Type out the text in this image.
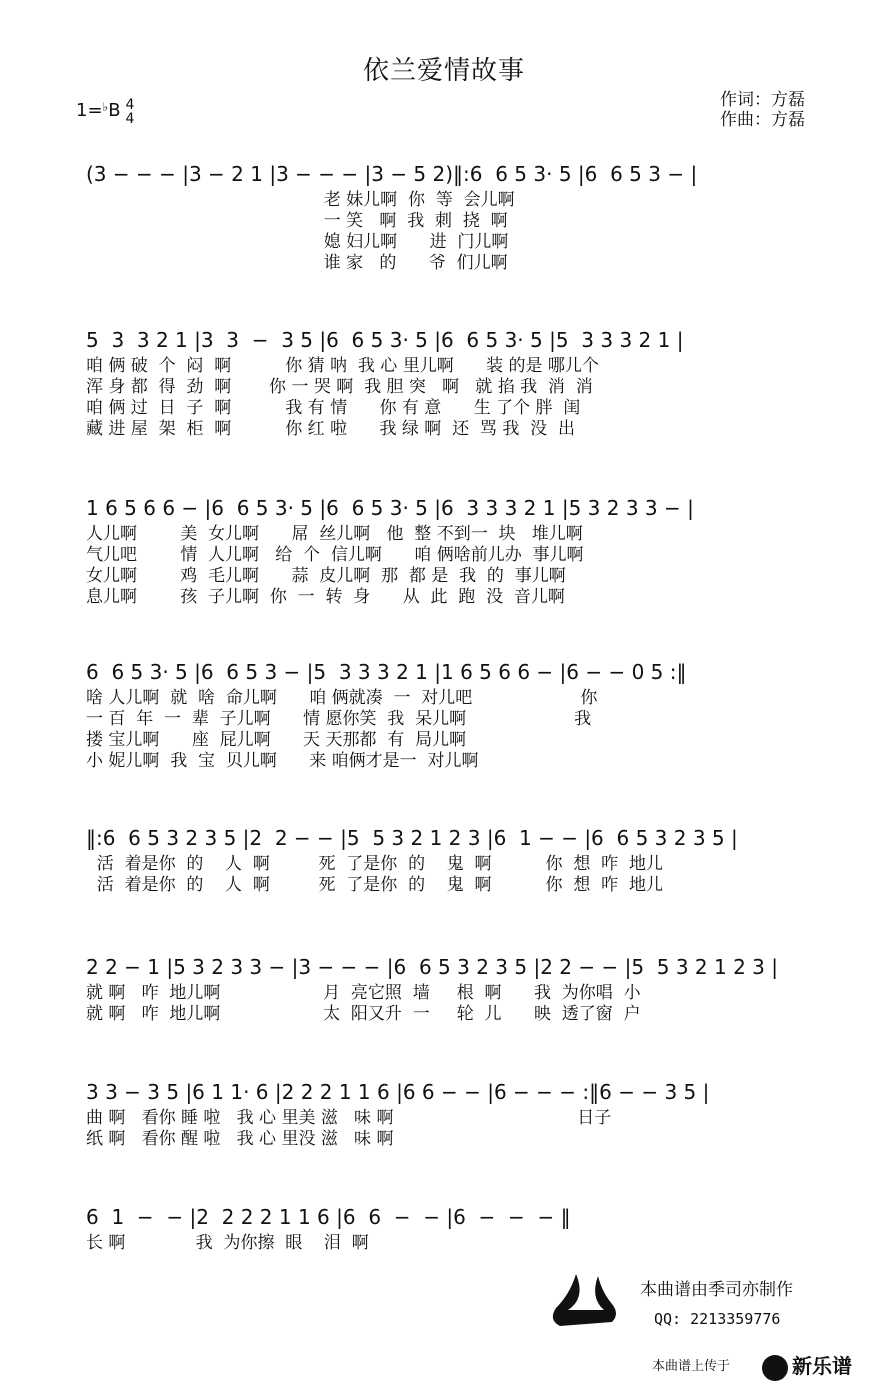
依兰爱情故事
1=♭B 4
4
作词：方磊
作曲：方磊
(3 − − − |3 − 2 1 |3 − − − |3 − 5 2)‖:6  6 5 3· 5 |6  6 5 3 − |
老 妹儿啊  你  等  会儿啊
一 笑   啊  我  刺  挠  啊
媳 妇儿啊      进  门儿啊
谁 家   的      爷  们儿啊
5  3  3 2 1 |3  3  −  3 5 |6  6 5 3· 5 |6  6 5 3· 5 |5  3 3 3 2 1 |
咱 俩 破  个  闷  啊          你 猜 呐  我 心 里儿啊      装 的是 哪儿个
浑 身 都  得  劲  啊       你 一 哭 啊  我 胆 突   啊   就 掐 我  消  消
咱 俩 过  日  子  啊          我 有 情      你 有 意      生 了个 胖  闺
藏 进 屋  架  柜  啊          你 红 啦      我 绿 啊  还  骂 我  没  出
1 6 5 6 6 − |6  6 5 3· 5 |6  6 5 3· 5 |6  3 3 3 2 1 |5 3 2 3 3 − |
人儿啊        美  女儿啊      屌  丝儿啊   他  整 不到一  块   堆儿啊
气儿吧        情  人儿啊   给  个  信儿啊      咱 俩啥前儿办  事儿啊
女儿啊        鸡  毛儿啊      蒜  皮儿啊  那  都 是  我  的  事儿啊
息儿啊        孩  子儿啊  你  一  转  身      从  此  跑  没  音儿啊
6  6 5 3· 5 |6  6 5 3 − |5  3 3 3 2 1 |1 6 5 6 6 − |6 − − 0 5 :‖
啥 人儿啊  就  啥  命儿啊      咱 俩就凑  一  对儿吧                    你
一 百  年  一  辈  子儿啊      情 愿你笑  我  呆儿啊                    我
搂 宝儿啊      座  屁儿啊      天 天那都  有  局儿啊
小 妮儿啊  我  宝  贝儿啊      来 咱俩才是一  对儿啊
‖:6  6 5 3 2 3 5 |2  2 − − |5  5 3 2 1 2 3 |6  1 − − |6  6 5 3 2 3 5 |
活  着是你  的    人  啊         死  了是你  的    鬼  啊          你  想  咋  地儿
活  着是你  的    人  啊         死  了是你  的    鬼  啊          你  想  咋  地儿
2 2 − 1 |5 3 2 3 3 − |3 − − − |6  6 5 3 2 3 5 |2 2 − − |5  5 3 2 1 2 3 |
就 啊   咋  地儿啊                   月  亮它照  墙     根  啊      我  为你唱  小
就 啊   咋  地儿啊                   太  阳又升  一     轮  儿      映  透了窗  户
3 3 − 3 5 |6 1 1· 6 |2 2 2 1 1 6 |6 6 − − |6 − − − :‖6 − − 3 5 |
曲 啊   看你 睡 啦   我 心 里美 滋   味 啊                                  日子
纸 啊   看你 醒 啦   我 心 里没 滋   味 啊
6  1  −  − |2  2 2 2 1 1 6 |6  6  −  − |6  −  −  − ‖
长 啊             我  为你擦  眼    泪  啊
本曲谱由季司亦制作
QQ: 2213359776
本曲谱上传于	新乐谱
